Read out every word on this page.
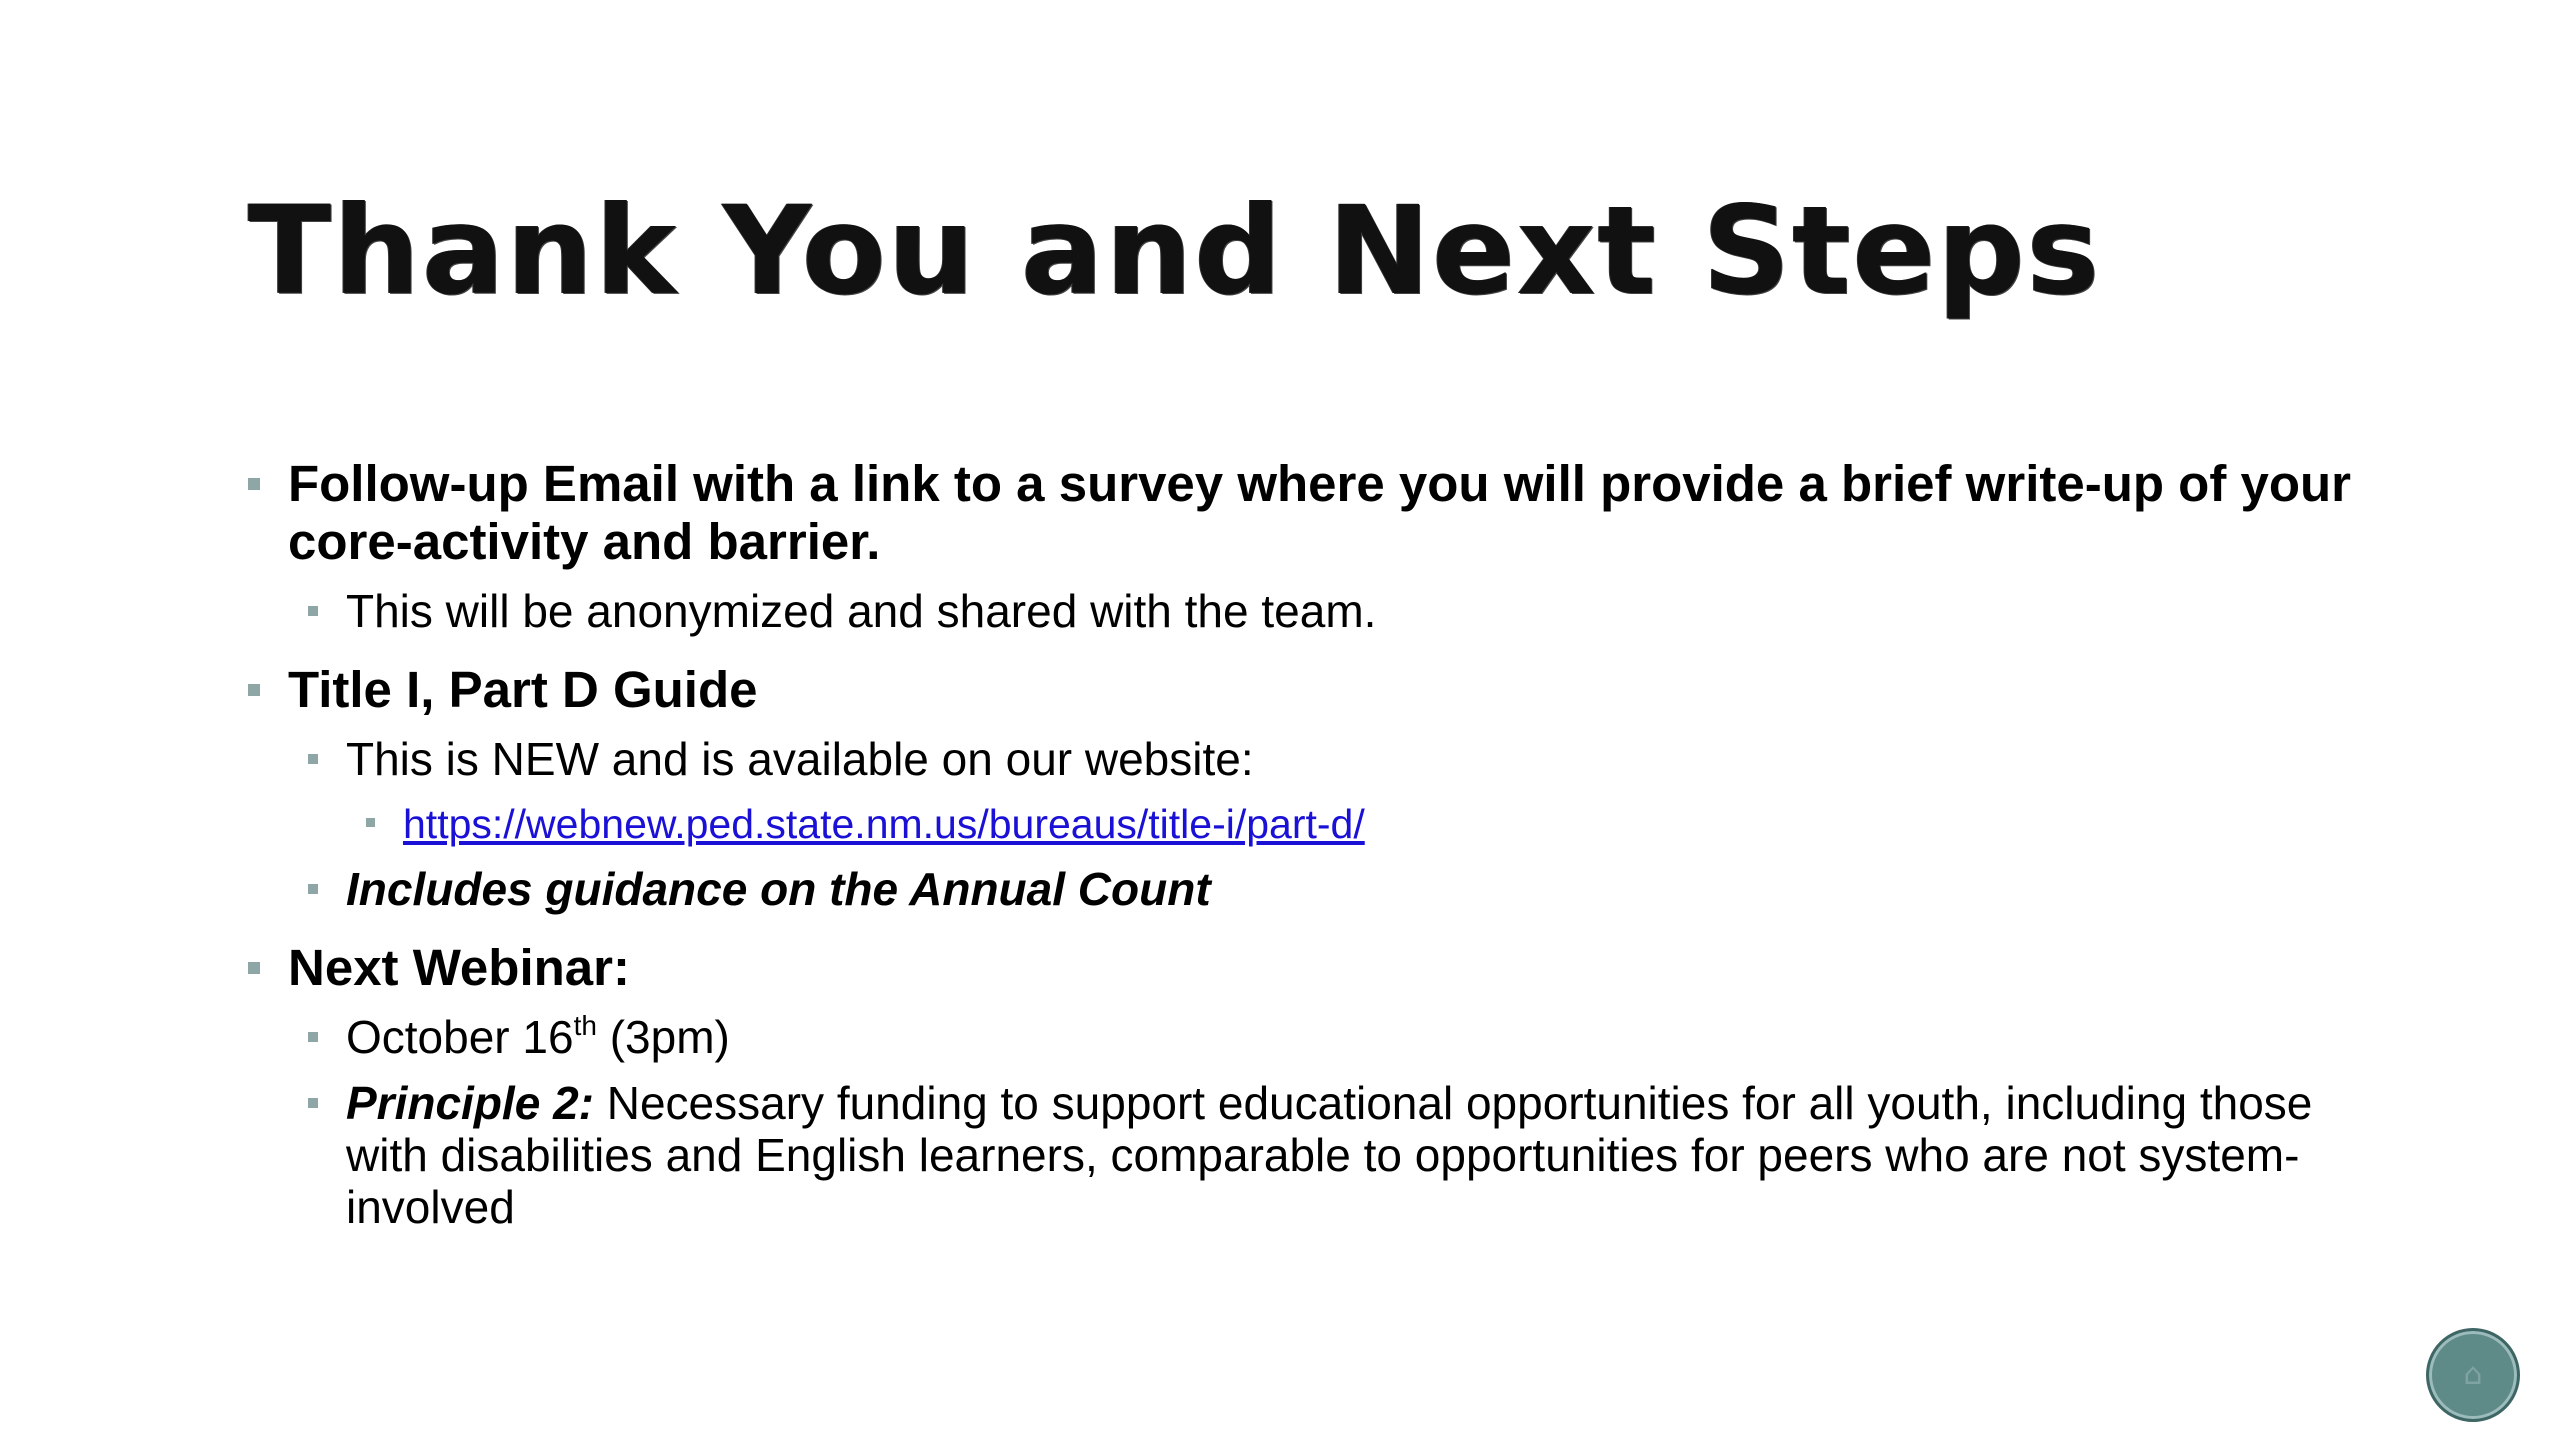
Thank You and Next Steps
Follow-up Email with a link to a survey where you will provide a brief write-up of your core-activity and barrier.
This will be anonymized and shared with the team.
Title I, Part D Guide
This is NEW and is available on our website:
https://webnew.ped.state.nm.us/bureaus/title-i/part-d/
Includes guidance on the Annual Count
Next Webinar:
October 16th (3pm)
Principle 2: Necessary funding to support educational opportunities for all youth, including those with disabilities and English learners, comparable to opportunities for peers who are not system-involved
⌂
